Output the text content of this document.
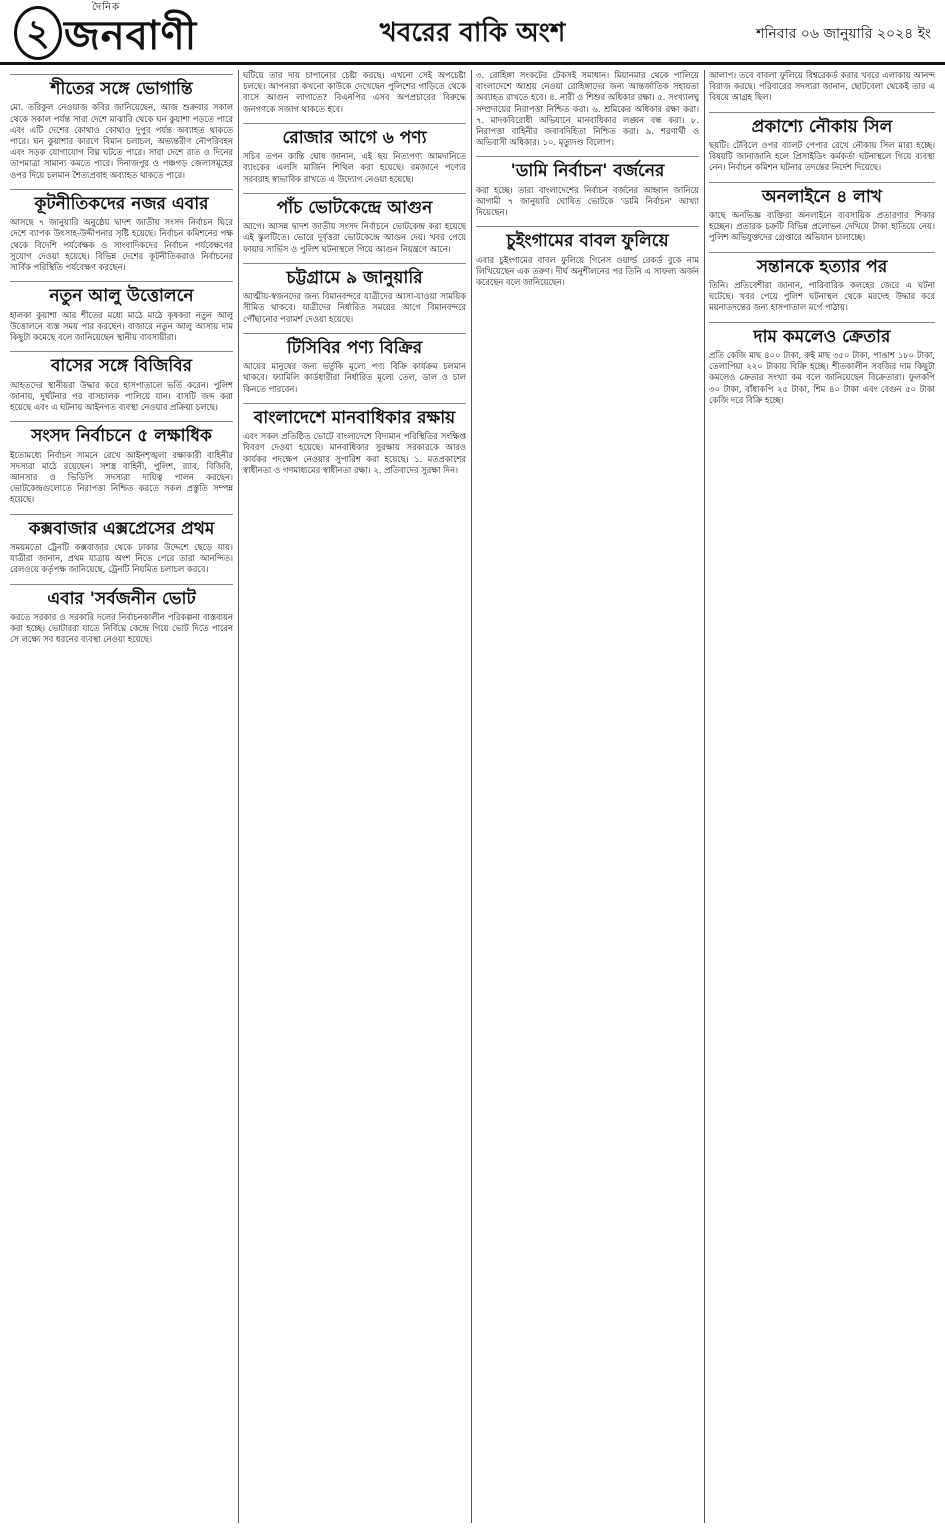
২
দৈনিক
জনবাণী	খবরের বাকি অংশ	শনিবার ০৬ জানুয়ারি ২০২৪ ইং
শীতের সঙ্গে ভোগান্তি

মো. তরিকুল নেওয়াজ কবির জানিয়েছেন, আজ শুক্রবার সকাল থেকে সকাল পর্যন্ত সারা দেশে মাঝারি থেকে ঘন কুয়াশা পড়তে পারে এবং এটি দেশের কোথাও কোথাও দুপুর পর্যন্ত অব্যাহত থাকতে পারে। ঘন কুয়াশার কারণে বিমান চলাচল, অভ্যন্তরীণ নৌপরিবহন এবং সড়ক যোগাযোগ বিঘ্ন ঘটতে পারে। সারা দেশে রাত ও দিনের তাপমাত্রা সামান্য কমতে পারে। দিনাজপুর ও পঞ্চগড় জেলাসমূহের ওপর দিয়ে চলমান শৈত্যপ্রবাহ অব্যাহত থাকতে পারে।

কূটনীতিকদের নজর এবার

আসছে ৭ জানুয়ারি অনুষ্ঠেয় দ্বাদশ জাতীয় সংসদ নির্বাচন ঘিরে দেশে ব্যাপক উৎসাহ-উদ্দীপনার সৃষ্টি হয়েছে। নির্বাচন কমিশনের পক্ষ থেকে বিদেশি পর্যবেক্ষক ও সাংবাদিকদের নির্বাচন পর্যবেক্ষণের সুযোগ দেওয়া হয়েছে। বিভিন্ন দেশের কূটনীতিকরাও নির্বাচনের সার্বিক পরিস্থিতি পর্যবেক্ষণ করছেন।

নতুন আলু উত্তোলনে

হালকা কুয়াশা আর শীতের মধ্যে মাঠে মাঠে কৃষকরা নতুন আলু উত্তোলনে ব্যস্ত সময় পার করছেন। বাজারে নতুন আলু আসায় দাম কিছুটা কমেছে বলে জানিয়েছেন স্থানীয় ব্যবসায়ীরা।

বাসের সঙ্গে বিজিবির

আহতদের স্থানীয়রা উদ্ধার করে হাসপাতালে ভর্তি করেন। পুলিশ জানায়, দুর্ঘটনার পর বাসচালক পালিয়ে যান। বাসটি জব্দ করা হয়েছে এবং এ ঘটনায় আইনগত ব্যবস্থা নেওয়ার প্রক্রিয়া চলছে।

সংসদ নির্বাচনে ৫ লক্ষাধিক

ইতোমধ্যে নির্বাচন সামনে রেখে আইনশৃঙ্খলা রক্ষাকারী বাহিনীর সদস্যরা মাঠে রয়েছেন। সশস্ত্র বাহিনী, পুলিশ, র‍্যাব, বিজিবি, আনসার ও ভিডিপি সদস্যরা দায়িত্ব পালন করছেন। ভোটকেন্দ্রগুলোতে নিরাপত্তা নিশ্চিত করতে সকল প্রস্তুতি সম্পন্ন হয়েছে।

কক্সবাজার এক্সপ্রেসের প্রথম

সময়মতো ট্রেনটি কক্সবাজার থেকে ঢাকার উদ্দেশে ছেড়ে যায়। যাত্রীরা জানান, প্রথম যাত্রায় অংশ নিতে পেরে তারা আনন্দিত। রেলওয়ে কর্তৃপক্ষ জানিয়েছে, ট্রেনটি নিয়মিত চলাচল করবে।

এবার 'সর্বজনীন ভোট

করতে সরকার ও সরকারি দলের নির্বাচনকালীন পরিকল্পনা বাস্তবায়ন করা হচ্ছে। ভোটাররা যাতে নির্বিঘ্নে কেন্দ্রে গিয়ে ভোট দিতে পারেন সে লক্ষ্যে সব ধরনের ব্যবস্থা নেওয়া হয়েছে।

ঘটিয়ে তার দায় চাপানোর চেষ্টা করছে। এখনো সেই অপচেষ্টা চলছে। আপনারা কখনো কাউকে দেখেছেন পুলিশের গাড়িতে থেকে বাসে আগুন লাগাতে? বিএনপির এসব অপপ্রচারের বিরুদ্ধে জনগণকে সজাগ থাকতে হবে।

রোজার আগে ৬ পণ্য

সচিব তপন কান্তি ঘোষ জানান, এই ছয় নিত্যপণ্য আমদানিতে ব্যাংকের এলসি মার্জিন শিথিল করা হয়েছে। রমজানে পণ্যের সরবরাহ স্বাভাবিক রাখতে এ উদ্যোগ নেওয়া হয়েছে।

পাঁচ ভোটকেন্দ্রে আগুন

আগে। আসন্ন দ্বাদশ জাতীয় সংসদ নির্বাচনে ভোটকেন্দ্র করা হয়েছে এই স্কুলটিতে। ভোরে দুর্বৃত্তরা ভোটকেন্দ্রে আগুন দেয়। খবর পেয়ে ফায়ার সার্ভিস ও পুলিশ ঘটনাস্থলে গিয়ে আগুন নিয়ন্ত্রণে আনে।

চট্টগ্রামে ৯ জানুয়ারি

আত্মীয়-স্বজনদের জন্য বিমানবন্দরে যাত্রীদের আসা-যাওয়া সাময়িক সীমিত থাকবে। যাত্রীদের নির্ধারিত সময়ের আগে বিমানবন্দরে পৌঁছানোর পরামর্শ দেওয়া হয়েছে।

টিসিবির পণ্য বিক্রির

আয়ের মানুষের জন্য ভর্তুকি মূল্যে পণ্য বিক্রি কার্যক্রম চলমান থাকবে। ফ্যামিলি কার্ডধারীরা নির্ধারিত মূল্যে তেল, ডাল ও চাল কিনতে পারবেন।

বাংলাদেশে মানবাধিকার রক্ষায়

এবং সকল প্রতিষ্ঠিত ভোটে বাংলাদেশে বিদ্যমান পরিস্থিতির সংক্ষিপ্ত বিবরণ দেওয়া হয়েছে। মানবাধিকার সুরক্ষায় সরকারকে আরও কার্যকর পদক্ষেপ নেওয়ার সুপারিশ করা হয়েছে। ১. মতপ্রকাশের স্বাধীনতা ও গণমাধ্যমের স্বাধীনতা রক্ষা। ২. প্রতিবাদের সুরক্ষা দিন।

৩. রোহিঙ্গা সংকটের টেকসই সমাধান। মিয়ানমার থেকে পালিয়ে বাংলাদেশে আশ্রয় নেওয়া রোহিঙ্গাদের জন্য আন্তর্জাতিক সহায়তা অব্যাহত রাখতে হবে। ৪. নারী ও শিশুর অধিকার রক্ষা। ৫. সংখ্যালঘু সম্প্রদায়ের নিরাপত্তা নিশ্চিত করা। ৬. শ্রমিকের অধিকার রক্ষা করা। ৭. মাদকবিরোধী অভিযানে মানবাধিকার লঙ্ঘন বন্ধ করা। ৮. নিরাপত্তা বাহিনীর জবাবদিহিতা নিশ্চিত করা। ৯. শরণার্থী ও অভিবাসী অধিকার। ১০. মৃত্যুদণ্ড বিলোপ।

'ডামি নির্বাচন' বর্জনের

করা হচ্ছে। তারা বাংলাদেশের নির্বাচন বর্জনের আহ্বান জানিয়ে আগামী ৭ জানুয়ারি ঘোষিত ভোটকে 'ডামি নির্বাচন' আখ্যা দিয়েছেন।

চুইংগামের বাবল ফুলিয়ে

এবার চুইংগামের বাবল ফুলিয়ে গিনেস ওয়ার্ল্ড রেকর্ড বুকে নাম লিখিয়েছেন এক তরুণ। দীর্ঘ অনুশীলনের পর তিনি এ সাফল্য অর্জন করেছেন বলে জানিয়েছেন।

আলাপ। তবে বাবলা ফুলিয়ে বিশ্বরেকর্ড করার খবরে এলাকায় আনন্দ বিরাজ করছে। পরিবারের সদস্যরা জানান, ছোটবেলা থেকেই তার এ বিষয়ে আগ্রহ ছিল।

প্রকাশ্যে নৌকায় সিল

ছয়টি। টেবিলে ওপর ব্যালট পেপার রেখে নৌকায় সিল মারা হচ্ছে। বিষয়টি জানাজানি হলে প্রিসাইডিং কর্মকর্তা ঘটনাস্থলে গিয়ে ব্যবস্থা নেন। নির্বাচন কমিশন ঘটনার তদন্তের নির্দেশ দিয়েছে।

অনলাইনে ৪ লাখ

কাছে অনভিজ্ঞ ব্যক্তিরা অনলাইনে ব্যবসায়িক প্রতারণার শিকার হচ্ছেন। প্রতারক চক্রটি বিভিন্ন প্রলোভন দেখিয়ে টাকা হাতিয়ে নেয়। পুলিশ অভিযুক্তদের গ্রেপ্তারে অভিযান চালাচ্ছে।

সন্তানকে হত্যার পর

তিনি। প্রতিবেশীরা জানান, পারিবারিক কলহের জেরে এ ঘটনা ঘটেছে। খবর পেয়ে পুলিশ ঘটনাস্থল থেকে মরদেহ উদ্ধার করে ময়নাতদন্তের জন্য হাসপাতাল মর্গে পাঠায়।

দাম কমলেও ক্রেতার

প্রতি কেজি মাছ ৪০০ টাকা, রুই মাছ ৩৫০ টাকা, পাঙাশ ১৮০ টাকা, তেলাপিয়া ২২০ টাকায় বিক্রি হচ্ছে। শীতকালীন সবজির দাম কিছুটা কমলেও ক্রেতার সংখ্যা কম বলে জানিয়েছেন বিক্রেতারা। ফুলকপি ৩০ টাকা, বাঁধাকপি ২৫ টাকা, শিম ৪০ টাকা এবং বেগুন ৫০ টাকা কেজি দরে বিক্রি হচ্ছে।
